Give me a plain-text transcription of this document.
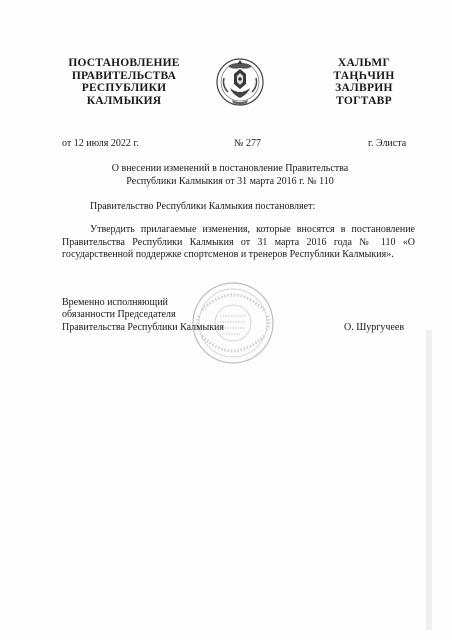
ПОСТАНОВЛЕНИЕ
ПРАВИТЕЛЬСТВА
РЕСПУБЛИКИ
КАЛМЫКИЯ
ХАЛЬМГ
ТАҢҺЧИН
ЗАЛВРИН
ТОГТАВР
от 12 июля 2022 г.	№ 277	г. Элиста
О внесении изменений в постановление Правительства
Республики Калмыкия от 31 марта 2016 г. № 110
Правительство Республики Калмыкия постановляет:
Утвердить прилагаемые изменения, которые вносятся в постановление
Правительства Республики Калмыкия от 31 марта 2016 года № 110 «О
государственной поддержке спортсменов и тренеров Республики Калмыкия».
Временно исполняющий
обязанности Председателя
Правительства Республики Калмыкия	О. Шургучеев
